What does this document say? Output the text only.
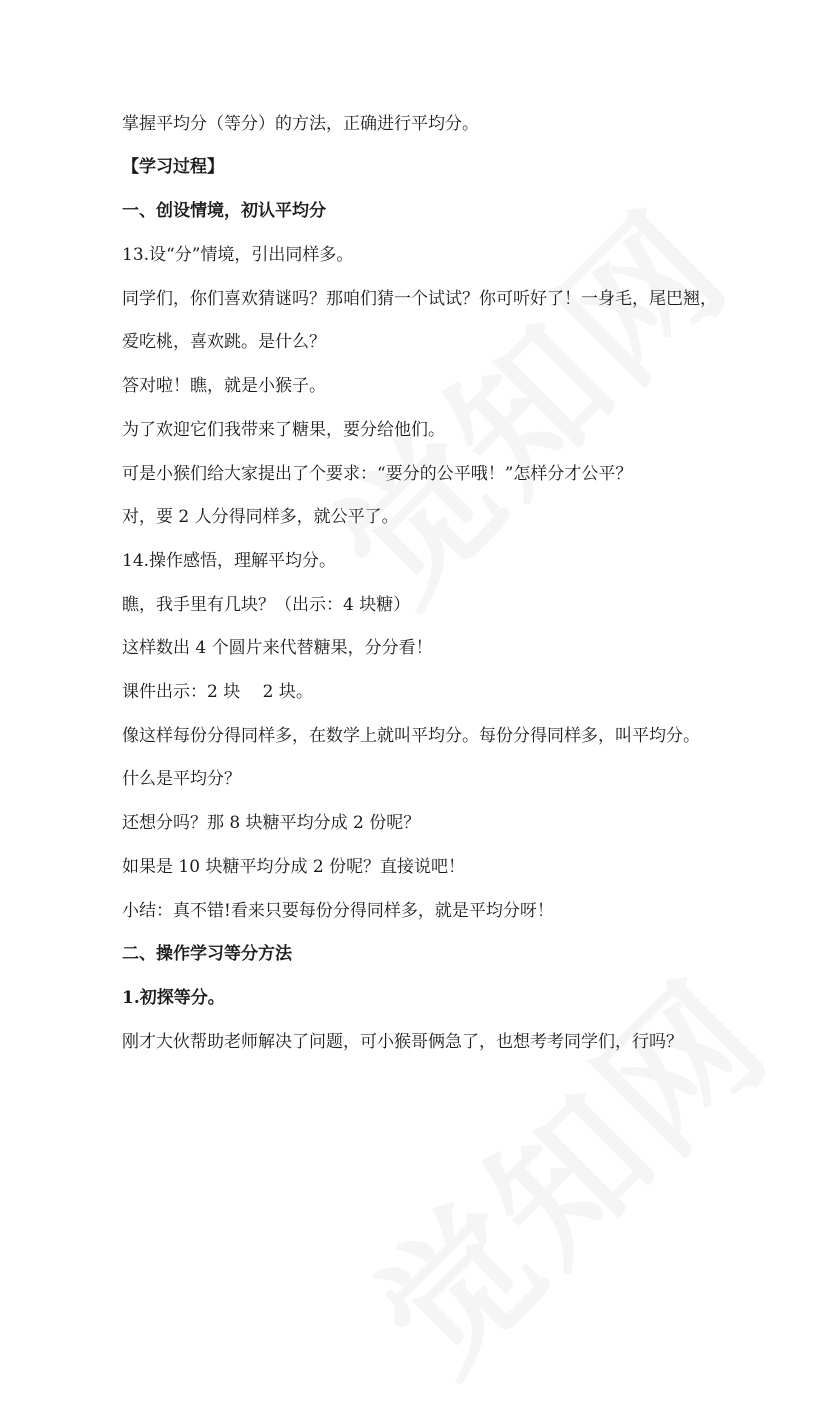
掌握平均分（等分）的方法，正确进行平均分。
【学习过程】
一、创设情境，初认平均分
13.设“分”情境，引出同样多。
同学们，你们喜欢猜谜吗？那咱们猜一个试试？你可听好了！一身毛，尾巴翘，
爱吃桃，喜欢跳。是什么？
答对啦！瞧，就是小猴子。
为了欢迎它们我带来了糖果，要分给他们。
可是小猴们给大家提出了个要求：“要分的公平哦！”怎样分才公平？
对，要 2 人分得同样多，就公平了。
14.操作感悟，理解平均分。
瞧，我手里有几块？（出示：4 块糖）
这样数出 4 个圆片来代替糖果，分分看！
课件出示：2 块　 2 块。
像这样每份分得同样多，在数学上就叫平均分。每份分得同样多，叫平均分。
什么是平均分？
还想分吗？那 8 块糖平均分成 2 份呢？
如果是 10 块糖平均分成 2 份呢？直接说吧！
小结：真不错!看来只要每份分得同样多，就是平均分呀！
二、操作学习等分方法
1.初探等分。
刚才大伙帮助老师解决了问题，可小猴哥俩急了，也想考考同学们，行吗？
